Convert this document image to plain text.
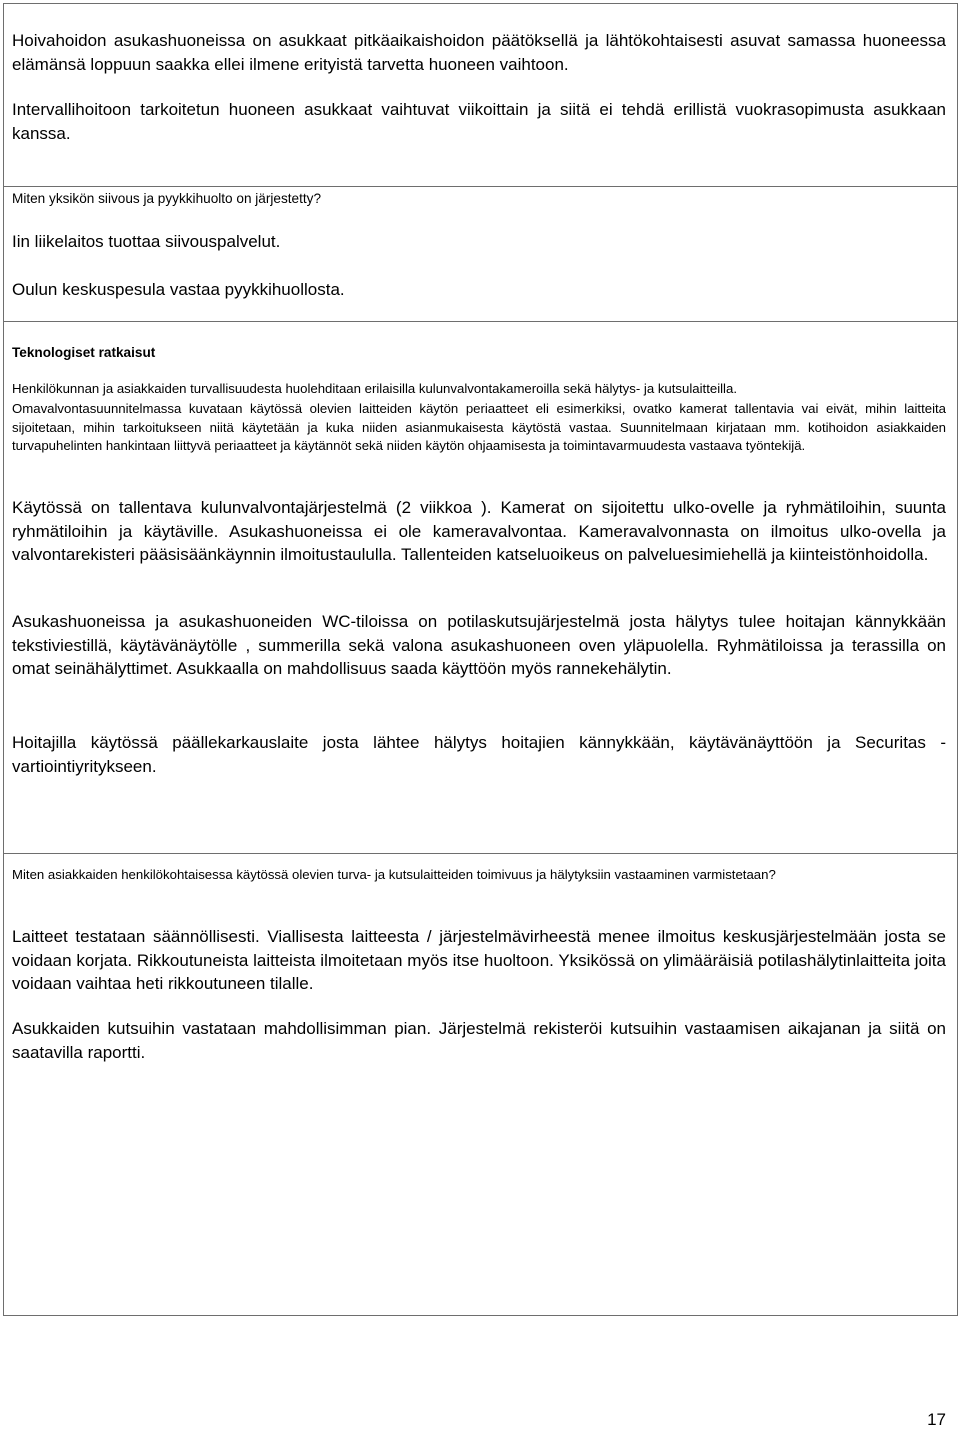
Hoivahoidon asukashuoneissa on asukkaat pitkäaikaishoidon päätöksellä ja lähtökohtaisesti asuvat samassa huoneessa elämänsä loppuun saakka ellei ilmene erityistä tarvetta huoneen vaihtoon.

Intervallihoitoon tarkoitetun huoneen asukkaat vaihtuvat viikoittain ja siitä ei tehdä erillistä vuokrasopimusta asukkaan kanssa.

Miten yksikön siivous ja pyykkihuolto on järjestetty?

Iin liikelaitos tuottaa siivouspalvelut.

Oulun keskuspesula vastaa pyykkihuollosta.

Teknologiset ratkaisut

Henkilökunnan ja asiakkaiden turvallisuudesta huolehditaan erilaisilla kulunvalvontakameroilla sekä hälytys- ja kutsulaitteilla.

Omavalvontasuunnitelmassa kuvataan käytössä olevien laitteiden käytön periaatteet eli esimerkiksi, ovatko kamerat tallentavia vai eivät, mihin laitteita sijoitetaan, mihin tarkoitukseen niitä käytetään ja kuka niiden asianmukaisesta käytöstä vastaa. Suunnitelmaan kirjataan mm. kotihoidon asiakkaiden turvapuhelinten hankintaan liittyvä periaatteet ja käytännöt sekä niiden käytön ohjaamisesta ja toimintavarmuudesta vastaava työntekijä.

Käytössä on tallentava kulunvalvontajärjestelmä (2 viikkoa ). Kamerat on sijoitettu ulko-ovelle ja ryhmätiloihin, suunta ryhmätiloihin ja käytäville. Asukashuoneissa ei ole kameravalvontaa. Kameravalvonnasta on ilmoitus ulko-ovella ja valvontarekisteri pääsisäänkäynnin ilmoitustaululla. Tallenteiden katseluoikeus on palveluesimiehellä ja kiinteistönhoidolla.

Asukashuoneissa ja asukashuoneiden WC-tiloissa on potilaskutsujärjestelmä josta hälytys tulee hoitajan kännykkään tekstiviestillä, käytävänäytölle , summerilla sekä valona asukashuoneen oven yläpuolella. Ryhmätiloissa ja terassilla on omat seinähälyttimet. Asukkaalla on mahdollisuus saada käyttöön myös rannekehälytin.

Hoitajilla käytössä päällekarkauslaite josta lähtee hälytys hoitajien kännykkään, käytävänäyttöön ja Securitas - vartiointiyritykseen.

Miten asiakkaiden henkilökohtaisessa käytössä olevien turva- ja kutsulaitteiden toimivuus ja hälytyksiin vastaaminen varmistetaan?

Laitteet testataan säännöllisesti. Viallisesta laitteesta / järjestelmävirheestä menee ilmoitus keskusjärjestelmään josta se voidaan korjata. Rikkoutuneista laitteista ilmoitetaan myös itse huoltoon. Yksikössä on ylimääräisiä potilashälytinlaitteita joita voidaan vaihtaa heti rikkoutuneen tilalle.

Asukkaiden kutsuihin vastataan mahdollisimman pian. Järjestelmä rekisteröi kutsuihin vastaamisen aikajanan ja siitä on saatavilla raportti.

17
